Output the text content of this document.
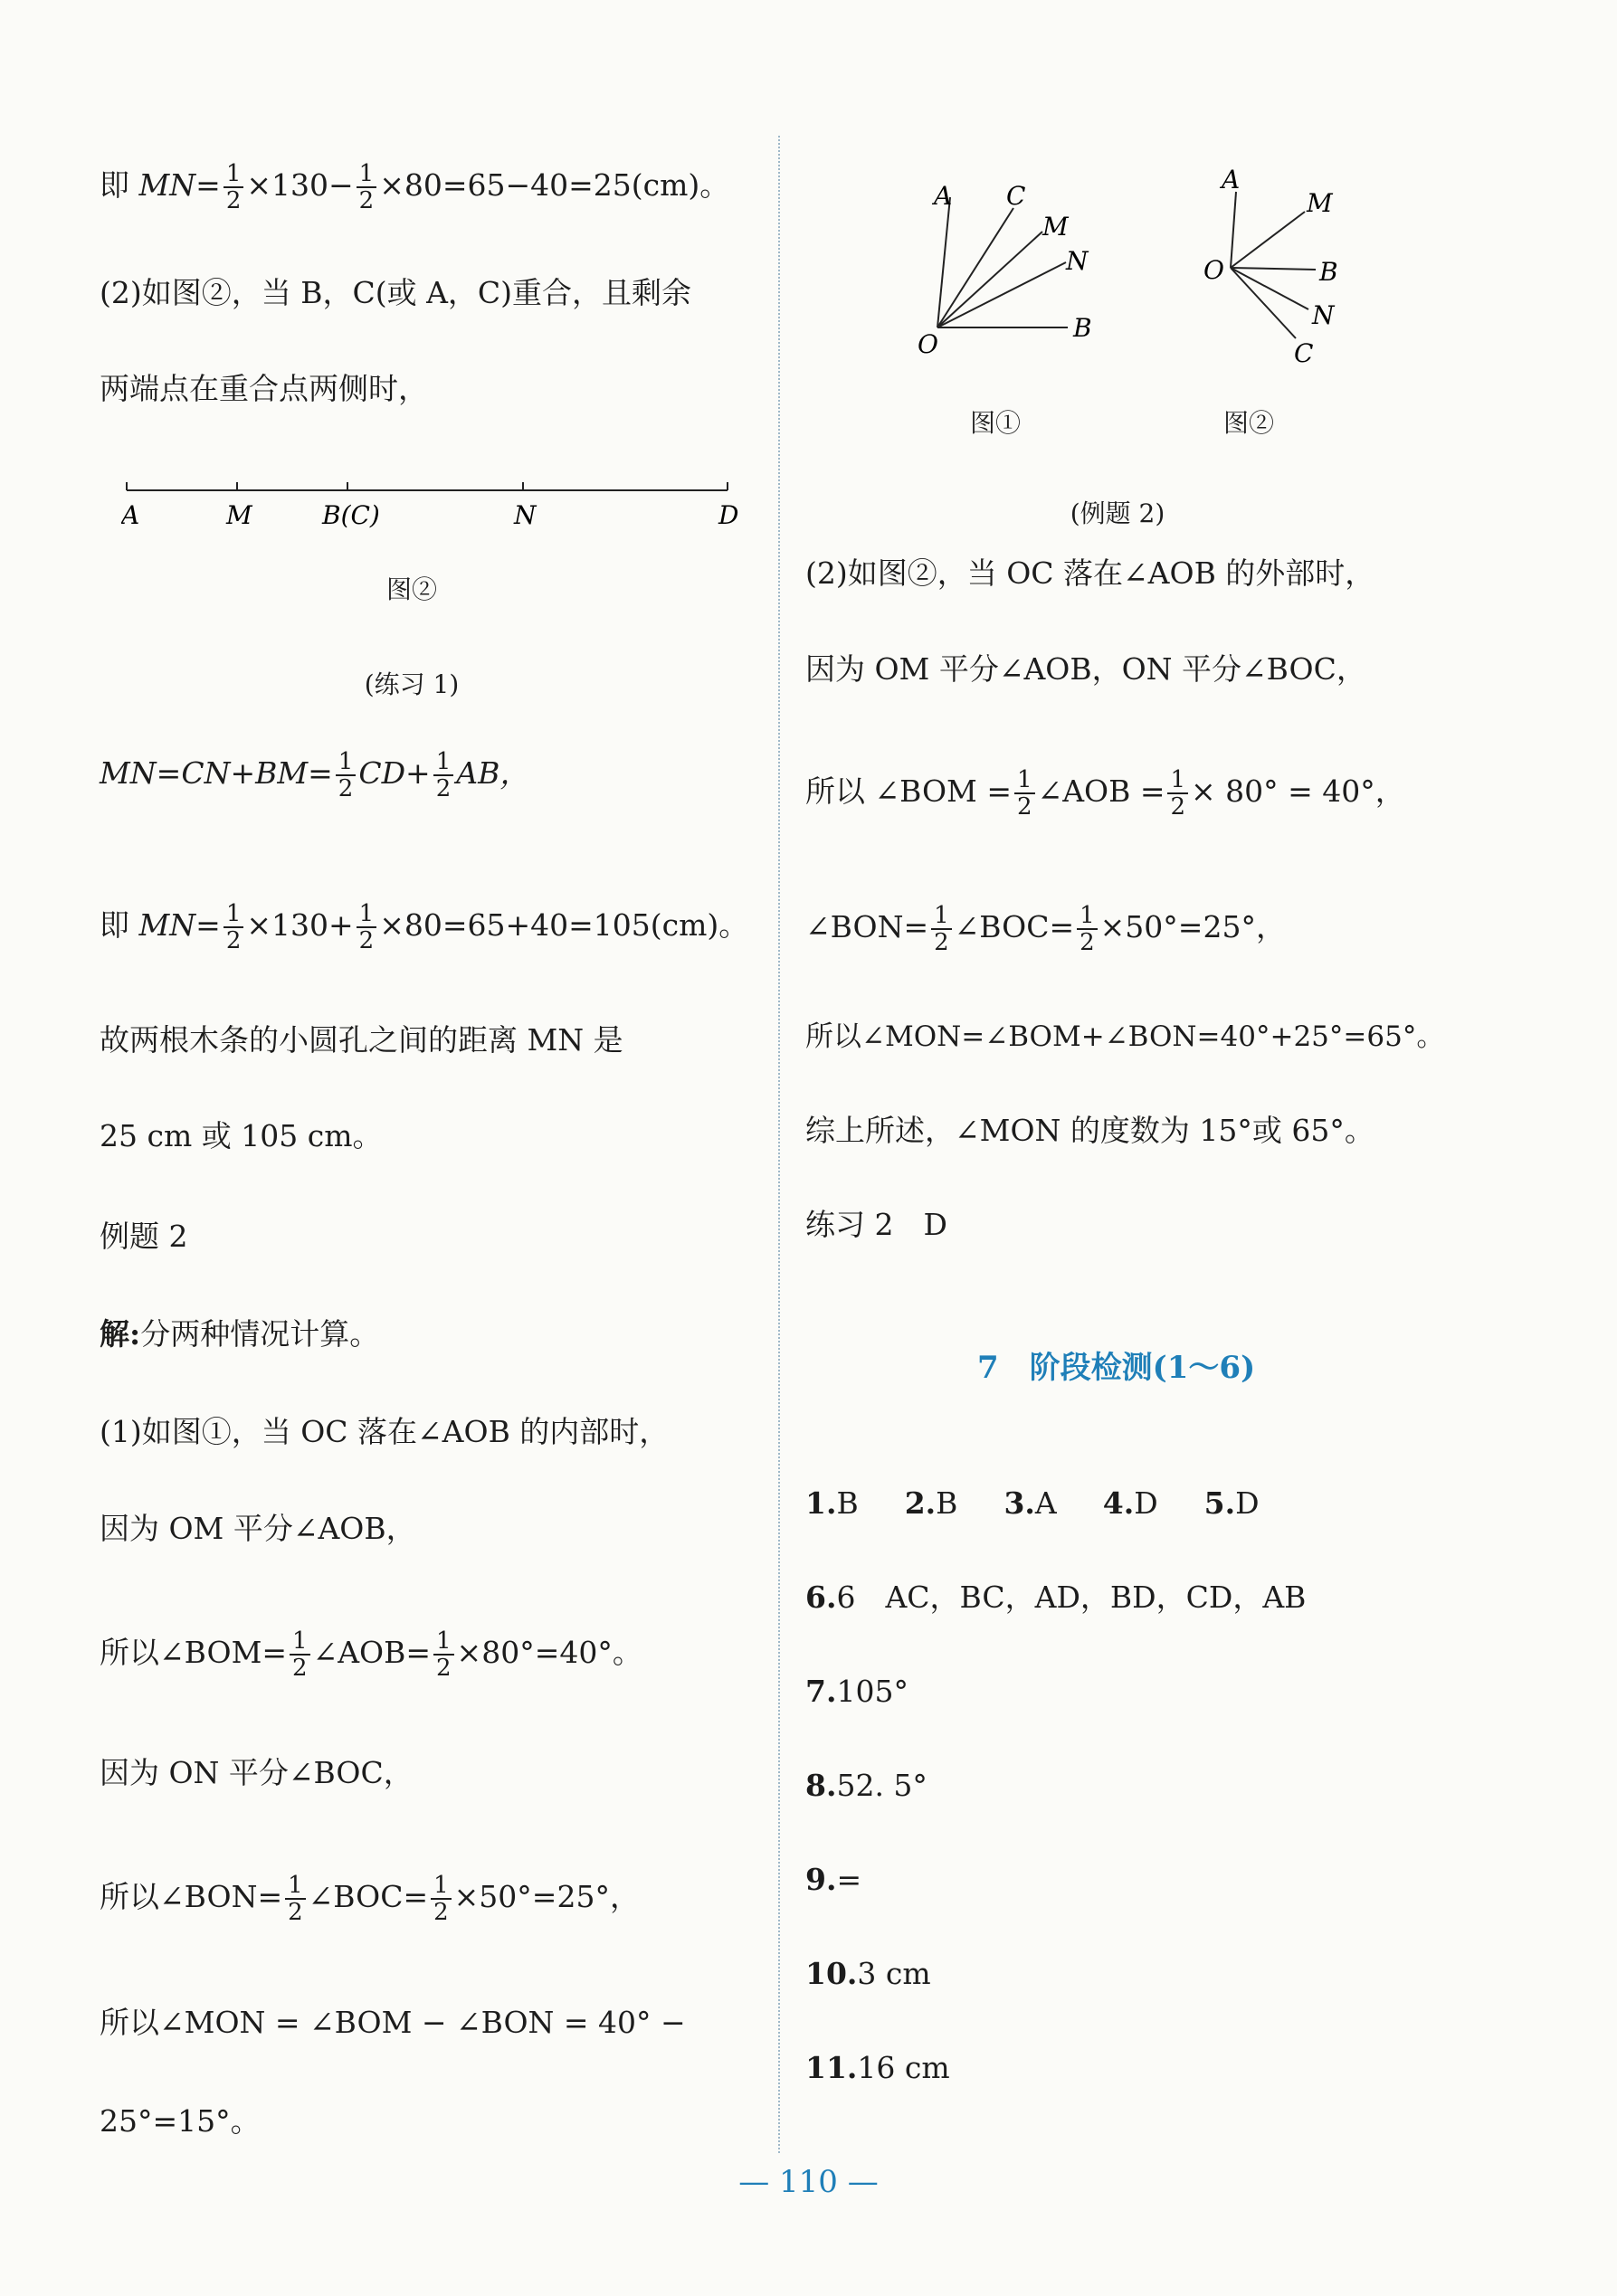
即 $MN= \frac{1}{2} \times 130- \frac{1}{2} \times 80=65-40=25(cm)$。
(2)如图②，当 B，C(或 A，C)重合，且剩余
两端点在重合点两侧时，
A	M	B(C)	N	D
图②
(练习 1)
$MN=CN+BM= \frac{1}{2} CD+ \frac{1}{2}$ AB，
即 $MN= \frac{1}{2} \times 130+ \frac{1}{2} \times 80=65+40=105(cm)$。
故两根木条的小圆孔之间的距离 MN 是
25 cm 或 105 cm。
例题 2
解:分两种情况计算。
(1)如图①，当 OC 落在∠AOB 的内部时，
因为 OM 平分∠AOB，
所以∠BOM= $\frac{1}{2}$ ∠AOB= $\frac{1}{2} \times 80^\circ=40^\circ$。
因为 ON 平分∠BOC，
所以∠BON= $\frac{1}{2}$ ∠BOC= $\frac{1}{2} \times 50^\circ=25^\circ$，
所以∠MON = ∠BOM − ∠BON = 40° −
25°=15°。
A C
M
N
O
B
A
M
O	B
N
C
图①	图②
(例题 2)
(2)如图②，当 OC 落在∠AOB 的外部时，
因为 OM 平分∠AOB，ON 平分∠BOC，
所以 ∠BOM = $\frac{1}{2}$ ∠AOB = $\frac{1}{2} \times 80^\circ = 40^\circ$，
∠BON= $\frac{1}{2}$ ∠BOC= $\frac{1}{2} \times 50^\circ=25^\circ$，
所以∠MON=∠BOM+∠BON=40°+25°=65°。
综上所述，∠MON 的度数为 15°或 65°。
练习 2　D
7　 阶段检测(1～6)
1.B 2.B 3.A 4.D 5.D
6.6　AC，BC，AD，BD，CD，AB
7.105°
8.52. 5°
9.=
10.3 cm
11.16 cm
— 110 —
